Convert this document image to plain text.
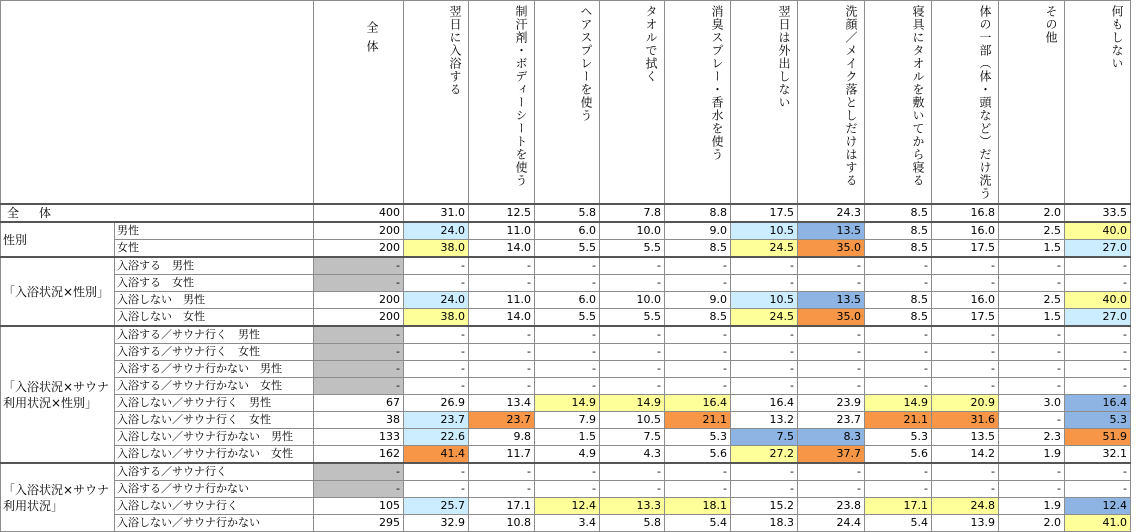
		全体	翌日に入浴する	制汗剤・ボディーシートを使う	ヘアスプレーを使う	タオルで拭く	消臭スプレー・香水を使う	翌日は外出しない	洗顔／メイク落としだけはする	寝具にタオルを敷いてから寝る	体の一部（体・頭など）だけ洗う	その他	何もしない
全　体		400	31.0	12.5	5.8	7.8	8.8	17.5	24.3	8.5	16.8	2.0	33.5
性別	男性	200	24.0	11.0	6.0	10.0	9.0	10.5	13.5	8.5	16.0	2.5	40.0
	女性	200	38.0	14.0	5.5	5.5	8.5	24.5	35.0	8.5	17.5	1.5	27.0
「入浴状況×性別」	入浴する　男性	-	-	-	-	-	-	-	-	-	-	-	-
	入浴する　女性	-	-	-	-	-	-	-	-	-	-	-	-
	入浴しない　男性	200	24.0	11.0	6.0	10.0	9.0	10.5	13.5	8.5	16.0	2.5	40.0
	入浴しない　女性	200	38.0	14.0	5.5	5.5	8.5	24.5	35.0	8.5	17.5	1.5	27.0
「入浴状況×サウナ利用状況×性別」	入浴する／サウナ行く　男性	-	-	-	-	-	-	-	-	-	-	-	-
	入浴する／サウナ行く　女性	-	-	-	-	-	-	-	-	-	-	-	-
	入浴する／サウナ行かない　男性	-	-	-	-	-	-	-	-	-	-	-	-
	入浴する／サウナ行かない　女性	-	-	-	-	-	-	-	-	-	-	-	-
	入浴しない／サウナ行く　男性	67	26.9	13.4	14.9	14.9	16.4	16.4	23.9	14.9	20.9	3.0	16.4
	入浴しない／サウナ行く　女性	38	23.7	23.7	7.9	10.5	21.1	13.2	23.7	21.1	31.6	-	5.3
	入浴しない／サウナ行かない　男性	133	22.6	9.8	1.5	7.5	5.3	7.5	8.3	5.3	13.5	2.3	51.9
	入浴しない／サウナ行かない　女性	162	41.4	11.7	4.9	4.3	5.6	27.2	37.7	5.6	14.2	1.9	32.1
「入浴状況×サウナ利用状況」	入浴する／サウナ行く	-	-	-	-	-	-	-	-	-	-	-	-
	入浴する／サウナ行かない	-	-	-	-	-	-	-	-	-	-	-	-
	入浴しない／サウナ行く	105	25.7	17.1	12.4	13.3	18.1	15.2	23.8	17.1	24.8	1.9	12.4
	入浴しない／サウナ行かない	295	32.9	10.8	3.4	5.8	5.4	18.3	24.4	5.4	13.9	2.0	41.0
